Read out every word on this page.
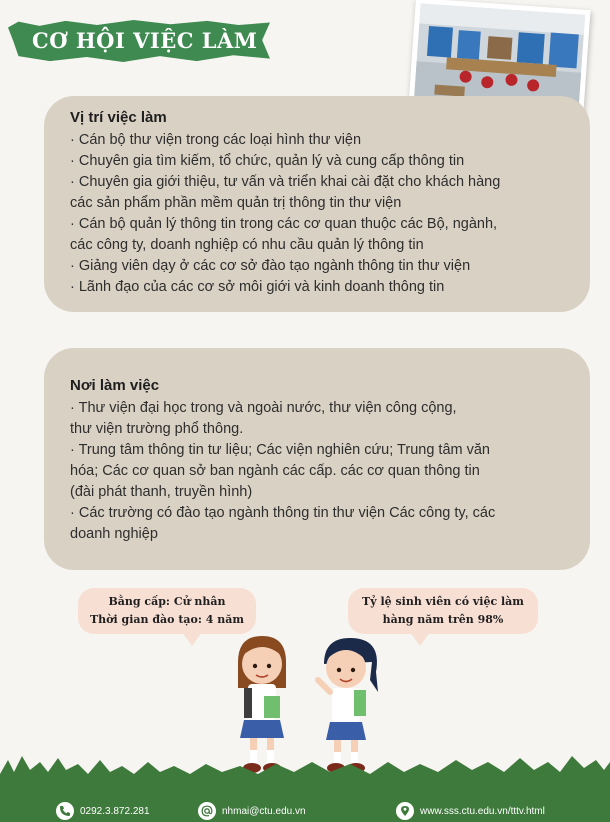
CƠ HỘI VIỆC LÀM

Vị trí việc làm

· Cán bộ thư viện trong các loại hình thư viện

· Chuyên gia tìm kiếm, tổ chức, quản lý và cung cấp thông tin

· Chuyên gia giới thiệu, tư vấn và triển khai cài đặt cho khách hàng

các sản phẩm phần mềm quản trị thông tin thư viện

· Cán bộ quản lý thông tin trong các cơ quan thuộc các Bộ, ngành,

các công ty, doanh nghiệp có nhu cầu quản lý thông tin

· Giảng viên dạy ở các cơ sở đào tạo ngành thông tin thư viện

· Lãnh đạo của các cơ sở môi giới và kinh doanh thông tin

Nơi làm việc

· Thư viện đại học trong và ngoài nước, thư viện công cộng,

thư viện trường phổ thông.

· Trung tâm thông tin tư liệu; Các viện nghiên cứu; Trung tâm văn

hóa; Các cơ quan sở ban ngành các cấp. các cơ quan thông tin

(đài phát thanh, truyền hình)

· Các trường có đào tạo ngành thông tin thư viện Các công ty, các

doanh nghiệp

Bằng cấp: Cử nhân
Thời gian đào tạo: 4 năm
Tỷ lệ sinh viên có việc làm
hàng năm trên 98%
0292.3.872.281	nhmai@ctu.edu.vn	www.sss.ctu.edu.vn/tttv.html
